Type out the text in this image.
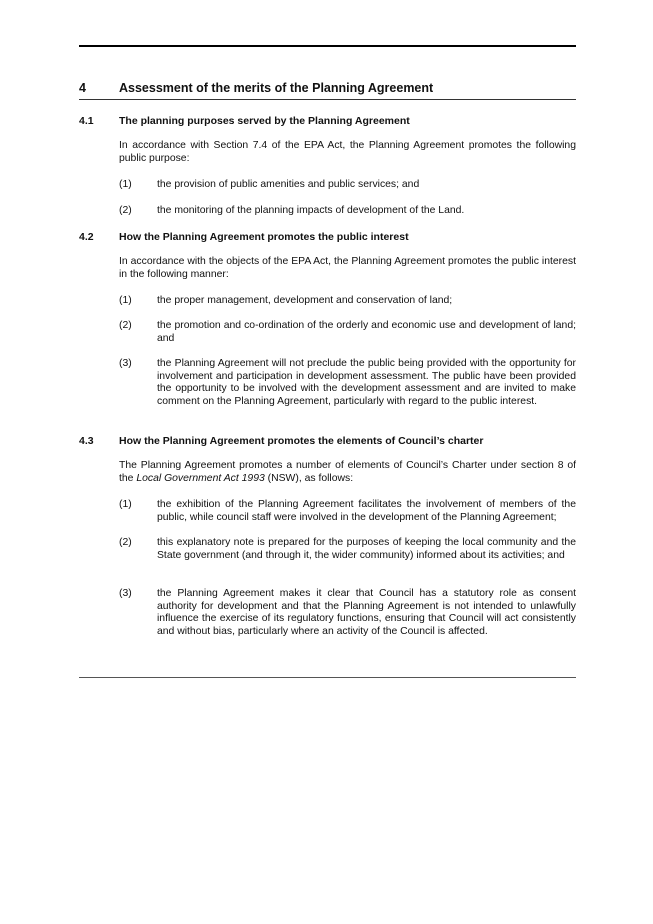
4	Assessment of the merits of the Planning Agreement
4.1 The planning purposes served by the Planning Agreement
In accordance with Section 7.4 of the EPA Act, the Planning Agreement promotes the following public purpose:
(1) the provision of public amenities and public services; and
(2) the monitoring of the planning impacts of development of the Land.
4.2 How the Planning Agreement promotes the public interest
In accordance with the objects of the EPA Act, the Planning Agreement promotes the public interest in the following manner:
(1) the proper management, development and conservation of land;
(2) the promotion and co-ordination of the orderly and economic use and development of land; and
(3) the Planning Agreement will not preclude the public being provided with the opportunity for involvement and participation in development assessment. The public have been provided the opportunity to be involved with the development assessment and are invited to make comment on the Planning Agreement, particularly with regard to the public interest.
4.3 How the Planning Agreement promotes the elements of Council’s charter
The Planning Agreement promotes a number of elements of Council’s Charter under section 8 of the Local Government Act 1993 (NSW), as follows:
(1) the exhibition of the Planning Agreement facilitates the involvement of members of the public, while council staff were involved in the development of the Planning Agreement;
(2) this explanatory note is prepared for the purposes of keeping the local community and the State government (and through it, the wider community) informed about its activities; and
(3) the Planning Agreement makes it clear that Council has a statutory role as consent authority for development and that the Planning Agreement is not intended to unlawfully influence the exercise of its regulatory functions, ensuring that Council will act consistently and without bias, particularly where an activity of the Council is affected.
